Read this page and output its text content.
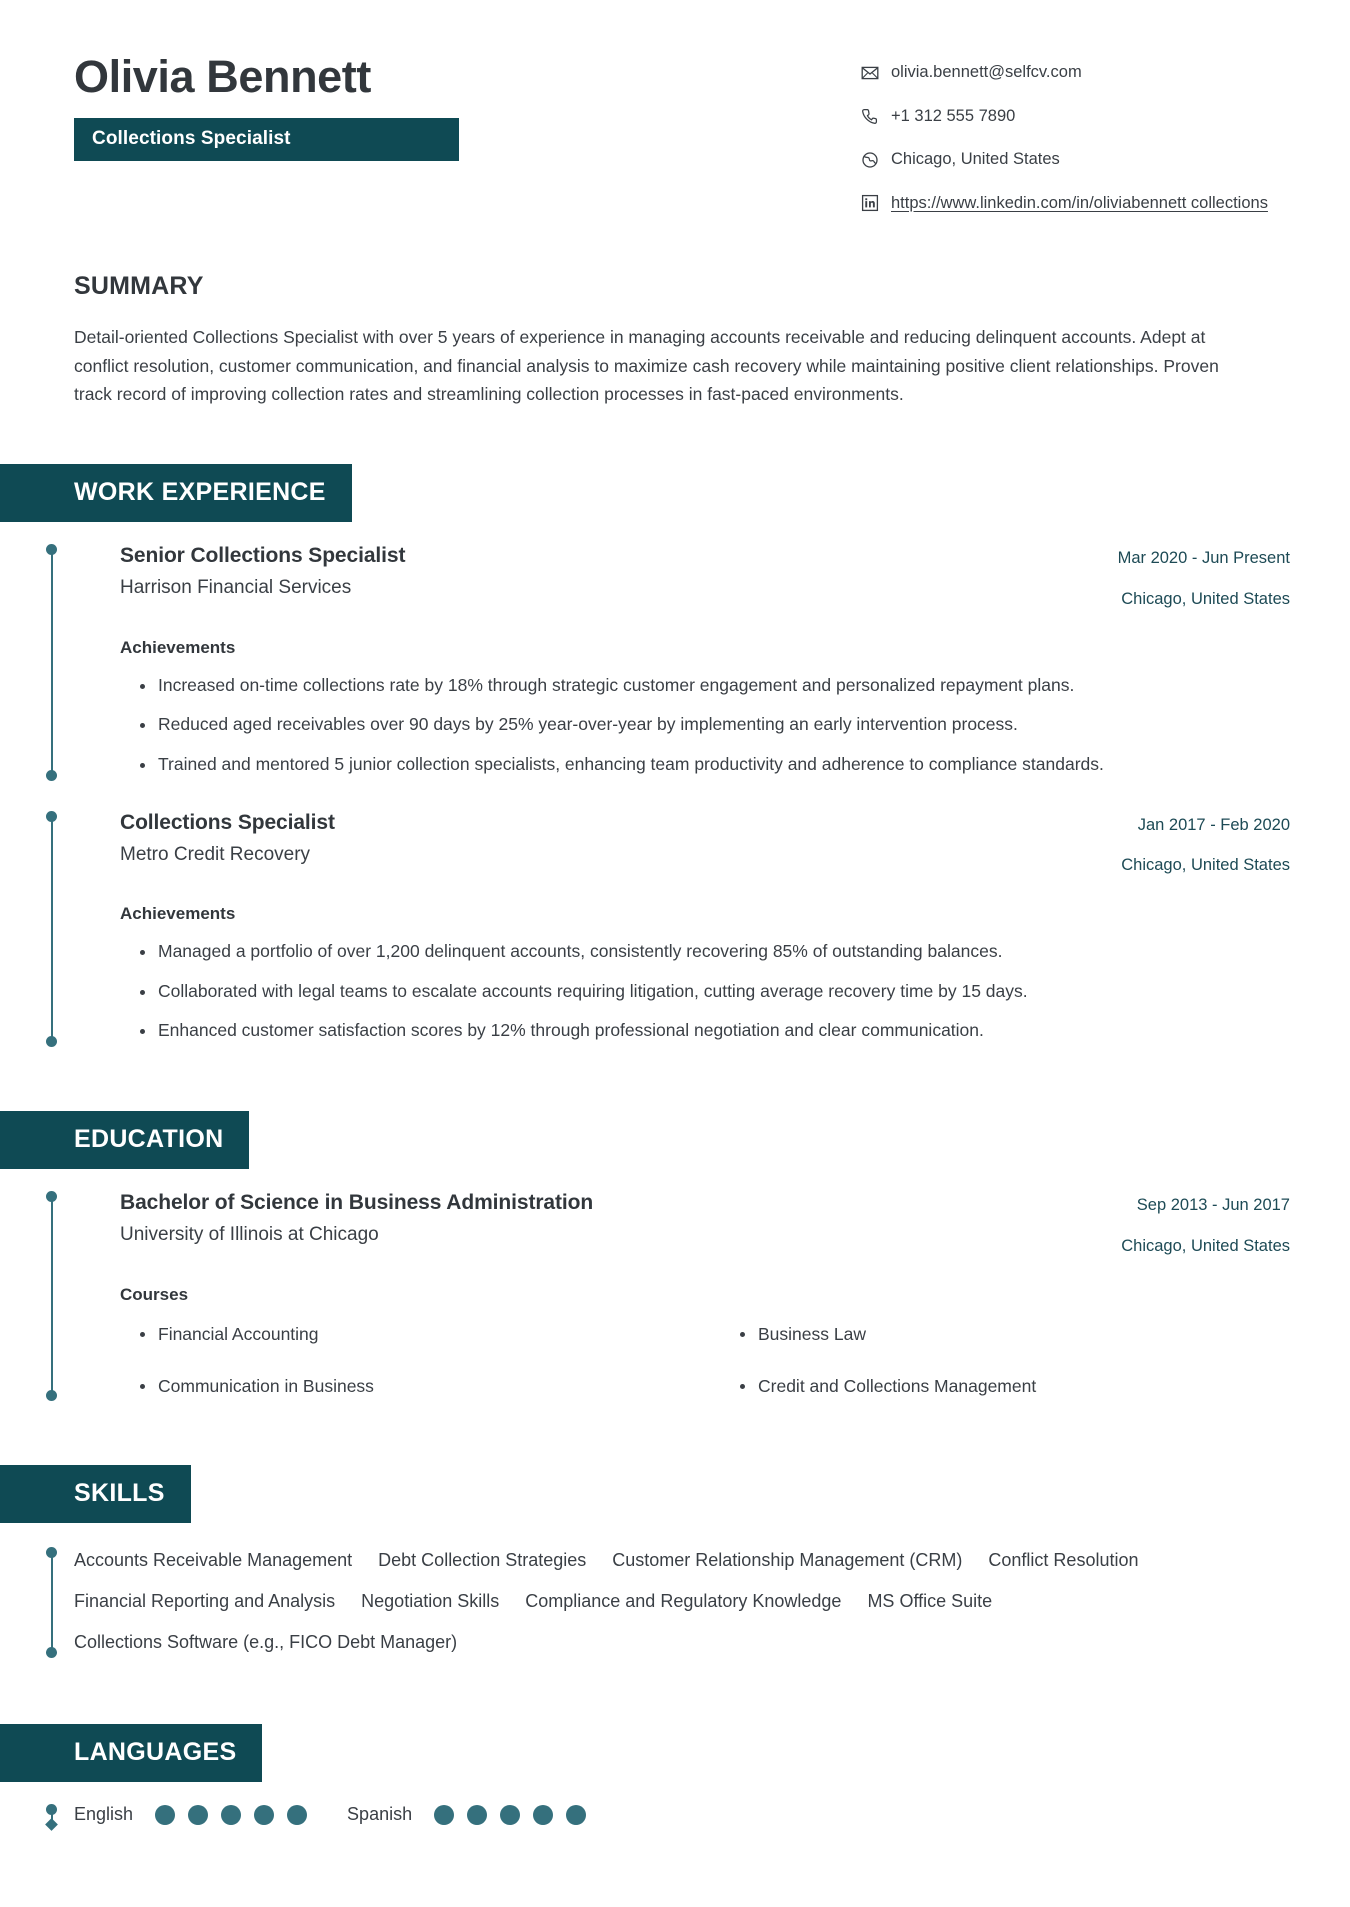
Olivia Bennett
Collections Specialist
olivia.bennett@selfcv.com
+1 312 555 7890
Chicago, United States
https://www.linkedin.com/in/oliviabennett collections
SUMMARY
Detail-oriented Collections Specialist with over 5 years of experience in managing accounts receivable and reducing delinquent accounts. Adept at conflict resolution, customer communication, and financial analysis to maximize cash recovery while maintaining positive client relationships. Proven track record of improving collection rates and streamlining collection processes in fast-paced environments.
WORK EXPERIENCE
Senior Collections Specialist
Harrison Financial Services
Mar 2020 - Jun Present
Chicago, United States
Achievements
Increased on-time collections rate by 18% through strategic customer engagement and personalized repayment plans.
Reduced aged receivables over 90 days by 25% year-over-year by implementing an early intervention process.
Trained and mentored 5 junior collection specialists, enhancing team productivity and adherence to compliance standards.
Collections Specialist
Metro Credit Recovery
Jan 2017 - Feb 2020
Chicago, United States
Achievements
Managed a portfolio of over 1,200 delinquent accounts, consistently recovering 85% of outstanding balances.
Collaborated with legal teams to escalate accounts requiring litigation, cutting average recovery time by 15 days.
Enhanced customer satisfaction scores by 12% through professional negotiation and clear communication.
EDUCATION
Bachelor of Science in Business Administration
University of Illinois at Chicago
Sep 2013 - Jun 2017
Chicago, United States
Courses
Financial Accounting	Business Law
Communication in Business	Credit and Collections Management
SKILLS
Accounts Receivable Management Debt Collection Strategies Customer Relationship Management (CRM) Conflict Resolution
Financial Reporting and Analysis Negotiation Skills Compliance and Regulatory Knowledge MS Office Suite
Collections Software (e.g., FICO Debt Manager)
LANGUAGES
English	Spanish
